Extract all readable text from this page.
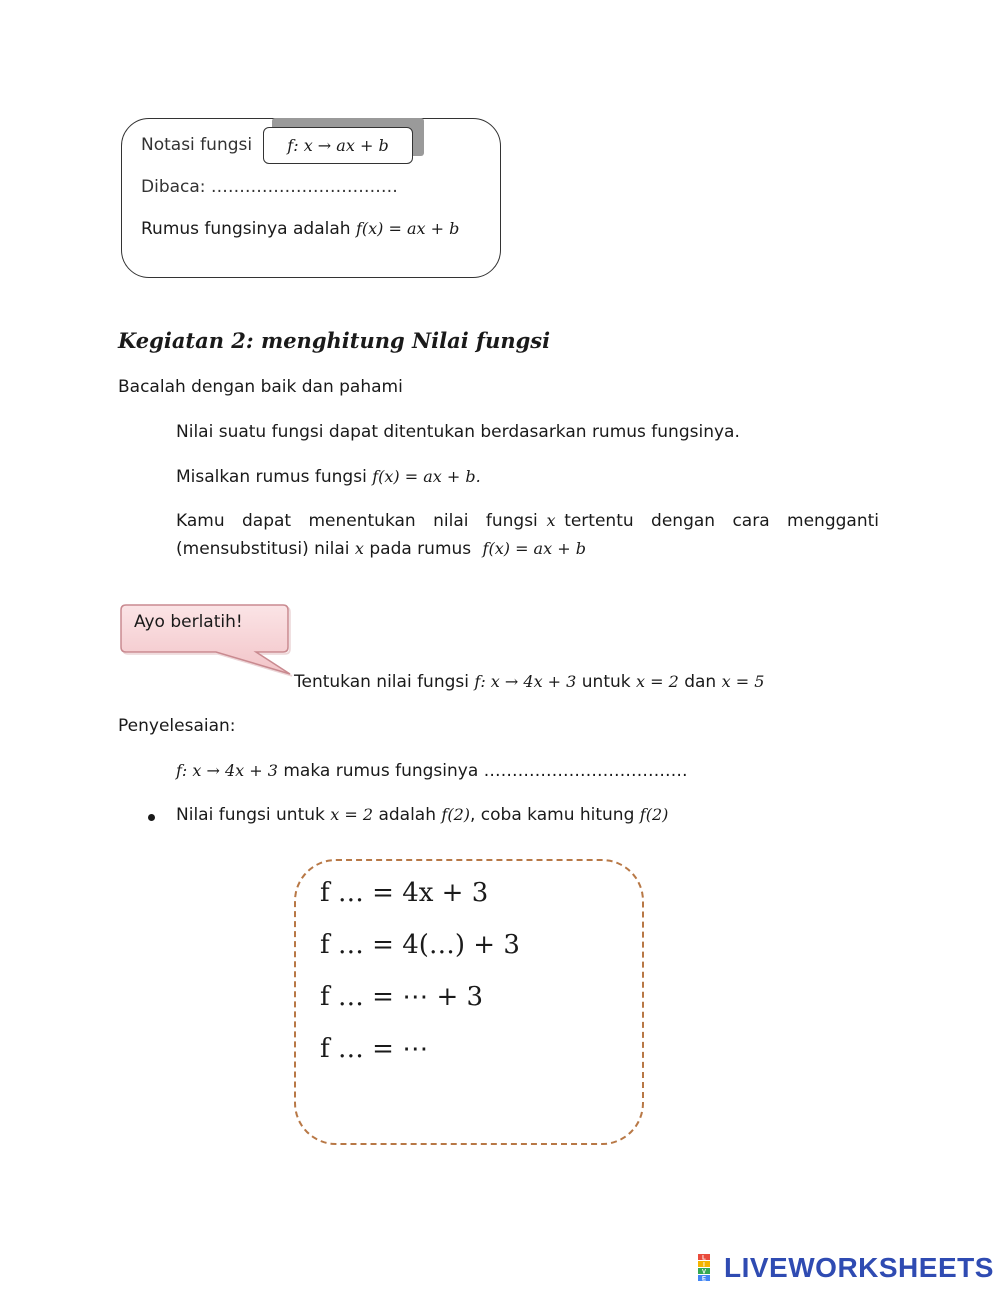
Notasi fungsi f: x → ax + b
Dibaca: ……………………………
Rumus fungsinya adalah f(x) = ax + b
Kegiatan 2: menghitung Nilai fungsi
Bacalah dengan baik dan pahami
Nilai suatu fungsi dapat ditentukan berdasarkan rumus fungsinya.
Misalkan rumus fungsi f(x) = ax + b.
Kamu dapat menentukan nilai fungsi x tertentu dengan cara mengganti
(mensubstitusi) nilai x pada rumus f(x) = ax + b
Ayo berlatih!
Tentukan nilai fungsi f: x → 4x + 3 untuk x = 2 dan x = 5
Penyelesaian:
f: x → 4x + 3 maka rumus fungsinya ………………………………
Nilai fungsi untuk x = 2 adalah f(2), coba kamu hitung f(2)
f … = 4x + 3
f … = 4(…) + 3
f … = ⋯ + 3
f … = ⋯
L
I
V
E LIVEWORKSHEETS
